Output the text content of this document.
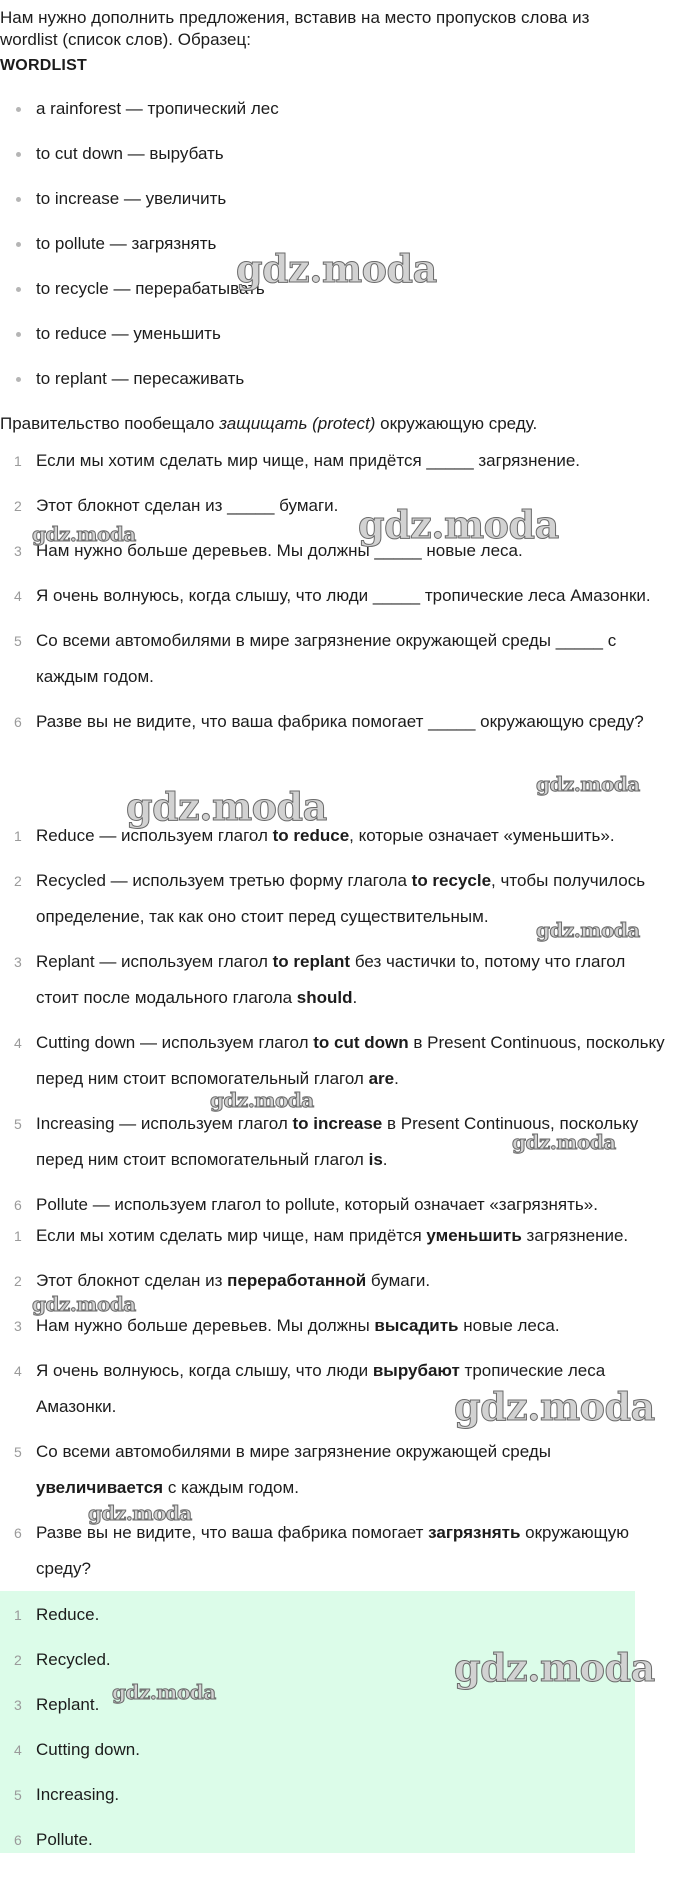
Нам нужно дополнить предложения, вставив на место пропусков слова из
wordlist (список слов). Образец:
WORDLIST
a rainforest — тропический лес
to cut down — вырубать
to increase — увеличить
to pollute — загрязнять
to recycle — перерабатывать
to reduce — уменьшить
to replant — пересаживать
Правительство пообещало защищать (protect) окружающую среду.
1 Если мы хотим сделать мир чище, нам придётся _____ загрязнение.
2 Этот блокнот сделан из _____ бумаги.
3 Нам нужно больше деревьев. Мы должны _____ новые леса.
4 Я очень волнуюсь, когда слышу, что люди _____ тропические леса Амазонки.
5 Со всеми автомобилями в мире загрязнение окружающей среды _____ с каждым годом.
6 Разве вы не видите, что ваша фабрика помогает _____ окружающую среду?
1 Reduce — используем глагол to reduce, которые означает «уменьшить».
2 Recycled — используем третью форму глагола to recycle, чтобы получилось определение, так как оно стоит перед существительным.
3 Replant — используем глагол to replant без частички to, потому что глагол стоит после модального глагола should.
4 Cutting down — используем глагол to cut down в Present Continuous, поскольку перед ним стоит вспомогательный глагол are.
5 Increasing — используем глагол to increase в Present Continuous, поскольку перед ним стоит вспомогательный глагол is.
6 Pollute — используем глагол to pollute, который означает «загрязнять».
1 Если мы хотим сделать мир чище, нам придётся уменьшить загрязнение.
2 Этот блокнот сделан из переработанной бумаги.
3 Нам нужно больше деревьев. Мы должны высадить новые леса.
4 Я очень волнуюсь, когда слышу, что люди вырубают тропические леса Амазонки.
5 Со всеми автомобилями в мире загрязнение окружающей среды увеличивается с каждым годом.
6 Разве вы не видите, что ваша фабрика помогает загрязнять окружающую среду?
1 Reduce.
2 Recycled.
3 Replant.
4 Cutting down.
5 Increasing.
6 Pollute.
gdz.moda
gdz.moda
gdz.moda
gdz.moda
gdz.moda
gdz.moda
gdz.moda
gdz.moda
gdz.moda
gdz.moda
gdz.moda
gdz.moda
gdz.moda
